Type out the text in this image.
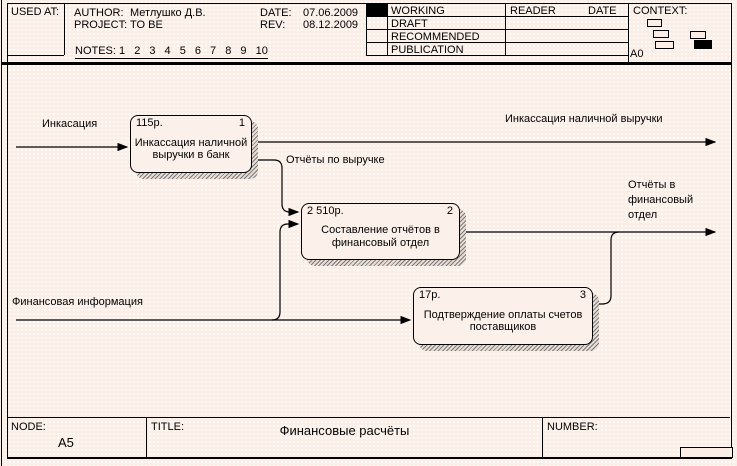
USED AT: AUTHOR: Метлушко Д.В.
PROJECT: TO BE
DATE: 07.06.2009
REV: 08.12.2009
NOTES: 1 2 3 4 5 6 7 8 9 10
WORKING
DRAFT
RECOMMENDED
PUBLICATION
READER	DATE CONTEXT:
A0
115р.	1
Инкассация наличной выручки в банк
2 510р.	2
Составление отчётов в финансовый отдел
17р.	3
Подтверждение оплаты счетов поставщиков
Инкасация	Инкассация наличной выручки
Отчёты по выручке
Отчёты в
финансовый
отдел
Финансовая информация
NODE:
A5
TITLE:	Финансовые расчёты	NUMBER:
